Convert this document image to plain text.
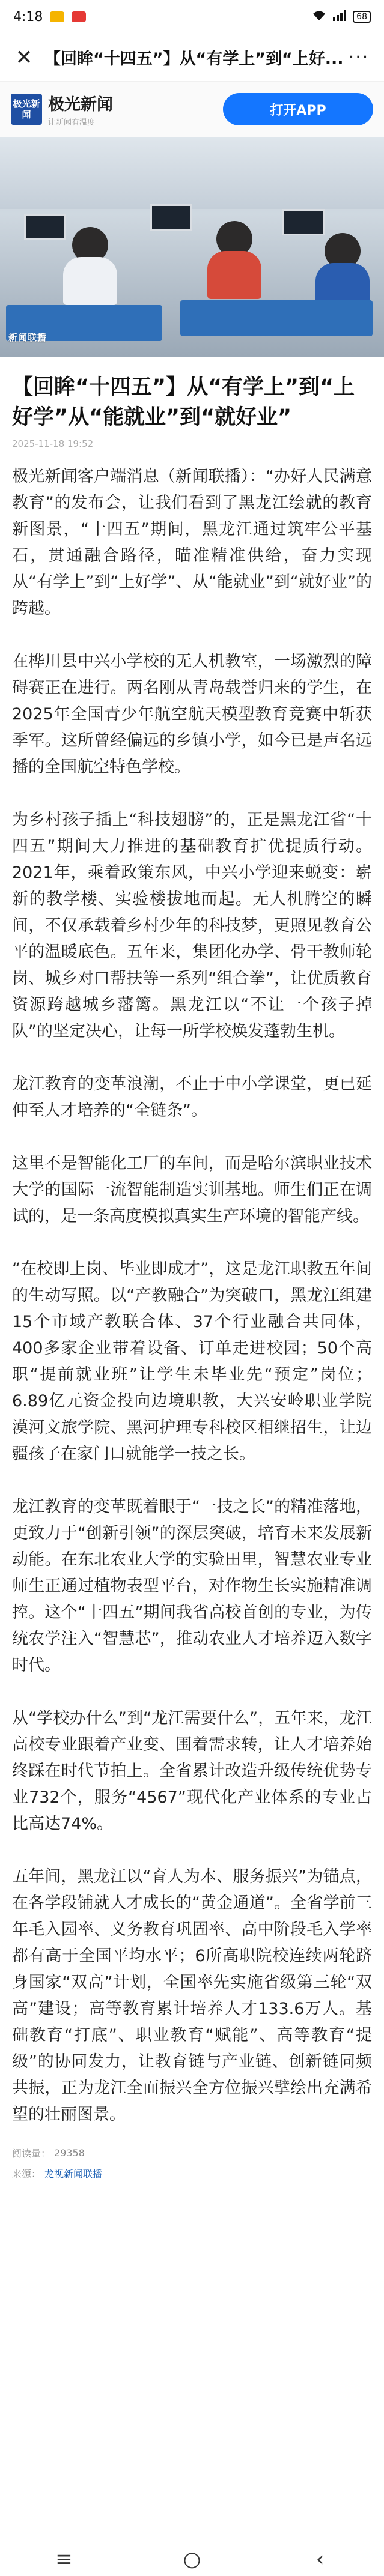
4:18	68
✕ 【回眸“十四五”】从“有学上”到“上好... ···
极光新闻
极光新闻
让新闻有温度
打开APP
新闻联播
【回眸“十四五”】从“有学上”到“上好学”从“能就业”到“就好业”
2025-11-18 19:52

极光新闻客户端消息（新闻联播）：“办好人民满意教育”的发布会，让我们看到了黑龙江绘就的教育新图景，“十四五”期间，黑龙江通过筑牢公平基石，贯通融合路径，瞄准精准供给，奋力实现从“有学上”到“上好学”、从“能就业”到“就好业”的跨越。

在桦川县中兴小学校的无人机教室，一场激烈的障碍赛正在进行。两名刚从青岛载誉归来的学生，在2025年全国青少年航空航天模型教育竞赛中斩获季军。这所曾经偏远的乡镇小学，如今已是声名远播的全国航空特色学校。

为乡村孩子插上“科技翅膀”的，正是黑龙江省“十四五”期间大力推进的基础教育扩优提质行动。2021年，乘着政策东风，中兴小学迎来蜕变：崭新的教学楼、实验楼拔地而起。无人机腾空的瞬间，不仅承载着乡村少年的科技梦，更照见教育公平的温暖底色。五年来，集团化办学、骨干教师轮岗、城乡对口帮扶等一系列“组合拳”，让优质教育资源跨越城乡藩篱。黑龙江以“不让一个孩子掉队”的坚定决心，让每一所学校焕发蓬勃生机。

龙江教育的变革浪潮，不止于中小学课堂，更已延伸至人才培养的“全链条”。

这里不是智能化工厂的车间，而是哈尔滨职业技术大学的国际一流智能制造实训基地。师生们正在调试的，是一条高度模拟真实生产环境的智能产线。

“在校即上岗、毕业即成才”，这是龙江职教五年间的生动写照。以“产教融合”为突破口，黑龙江组建15个市域产教联合体、37个行业融合共同体，400多家企业带着设备、订单走进校园；50个高职“提前就业班”让学生未毕业先“预定”岗位；6.89亿元资金投向边境职教，大兴安岭职业学院漠河文旅学院、黑河护理专科校区相继招生，让边疆孩子在家门口就能学一技之长。

龙江教育的变革既着眼于“一技之长”的精准落地，更致力于“创新引领”的深层突破，培育未来发展新动能。在东北农业大学的实验田里，智慧农业专业师生正通过植物表型平台，对作物生长实施精准调控。这个“十四五”期间我省高校首创的专业，为传统农学注入“智慧芯”，推动农业人才培养迈入数字时代。

从“学校办什么”到“龙江需要什么”，五年来，龙江高校专业跟着产业变、围着需求转，让人才培养始终踩在时代节拍上。全省累计改造升级传统优势专业732个，服务“4567”现代化产业体系的专业占比高达74%。

五年间，黑龙江以“育人为本、服务振兴”为锚点，在各学段铺就人才成长的“黄金通道”。全省学前三年毛入园率、义务教育巩固率、高中阶段毛入学率都有高于全国平均水平；6所高职院校连续两轮跻身国家“双高”计划，全国率先实施省级第三轮“双高”建设；高等教育累计培养人才133.6万人。基础教育“打底”、职业教育“赋能”、高等教育“提级”的协同发力，让教育链与产业链、创新链同频共振，正为龙江全面振兴全方位振兴擘绘出充满希望的壮丽图景。

阅读量： 29358
来源： 龙视新闻联播
≡	○	‹
